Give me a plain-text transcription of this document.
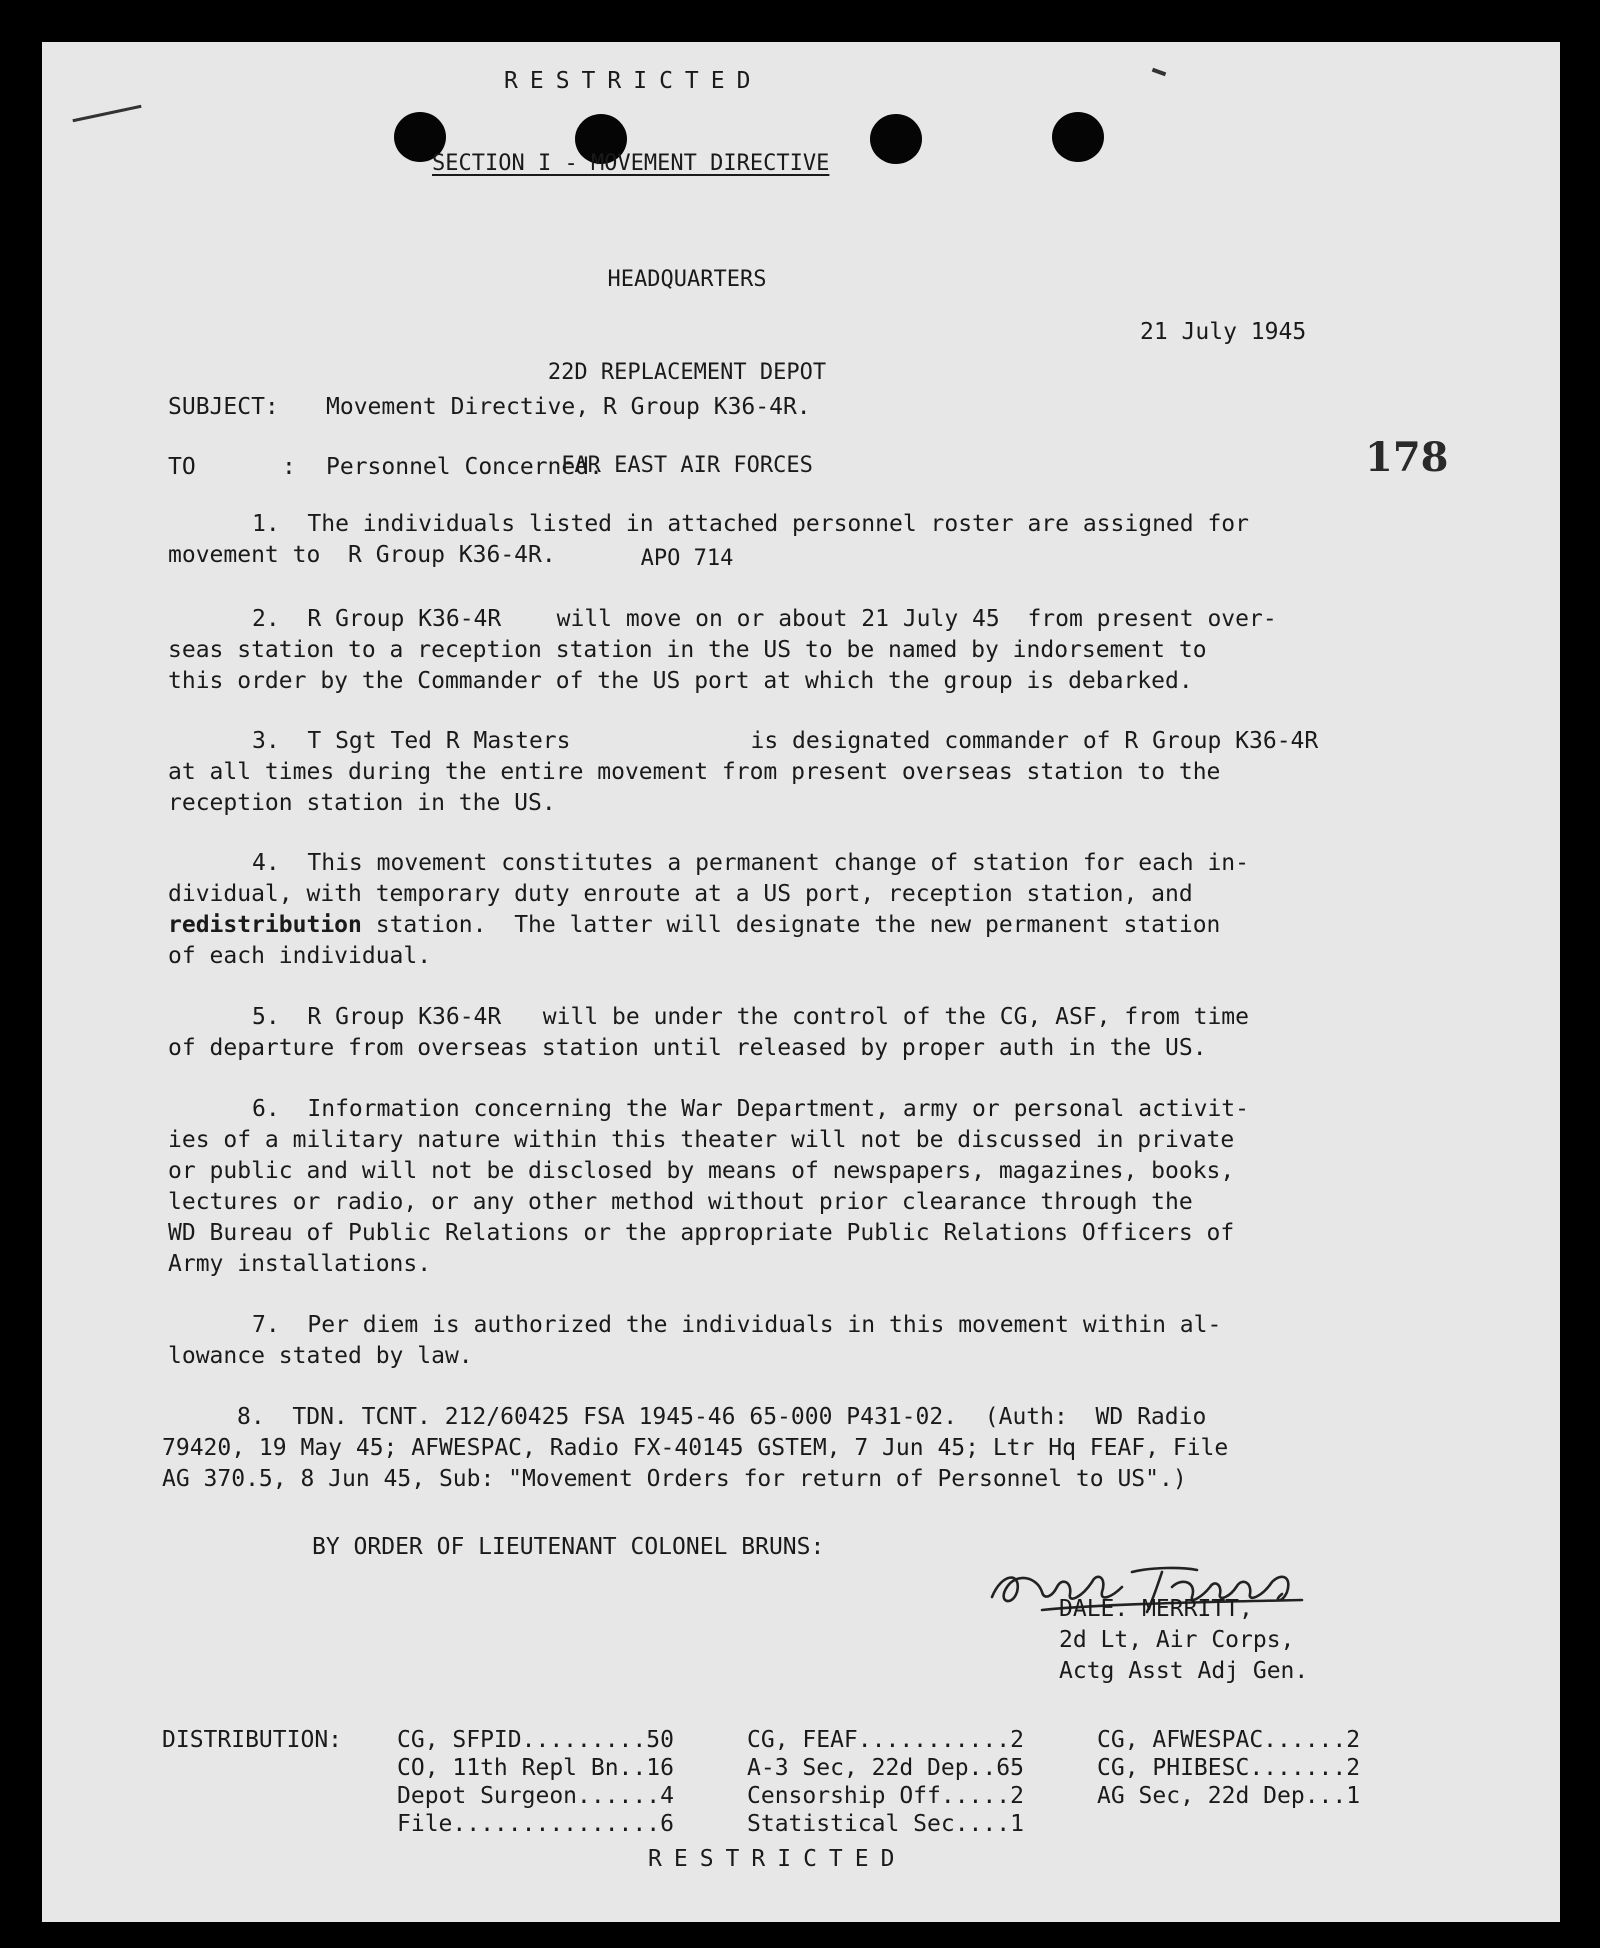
RESTRICTED
SECTION I - MOVEMENT DIRECTIVE

HEADQUARTERS

22D REPLACEMENT DEPOT

FAR EAST AIR FORCES

APO 714

21 July 1945
SUBJECT: Movement Directive, R Group K36-4R.
TO	: Personnel Concerned.	178
1.  The individuals listed in attached personnel roster are assigned for
movement to  R Group K36-4R.
2.  R Group K36-4R    will move on or about 21 July 45  from present over-
seas station to a reception station in the US to be named by indorsement to
this order by the Commander of the US port at which the group is debarked.
3.  T Sgt Ted R Masters             is designated commander of R Group K36-4R
at all times during the entire movement from present overseas station to the
reception station in the US.
4.  This movement constitutes a permanent change of station for each in-
dividual, with temporary duty enroute at a US port, reception station, and
redistribution station.  The latter will designate the new permanent station
of each individual.
5.  R Group K36-4R   will be under the control of the CG, ASF, from time
of departure from overseas station until released by proper auth in the US.
6.  Information concerning the War Department, army or personal activit-
ies of a military nature within this theater will not be discussed in private
or public and will not be disclosed by means of newspapers, magazines, books,
lectures or radio, or any other method without prior clearance through the
WD Bureau of Public Relations or the appropriate Public Relations Officers of
Army installations.
7.  Per diem is authorized the individuals in this movement within al-
lowance stated by law.
8.  TDN. TCNT. 212/60425 FSA 1945-46 65-000 P431-02.  (Auth:  WD Radio
79420, 19 May 45; AFWESPAC, Radio FX-40145 GSTEM, 7 Jun 45; Ltr Hq FEAF, File
AG 370.5, 8 Jun 45, Sub: "Movement Orders for return of Personnel to US".)
BY ORDER OF LIEUTENANT COLONEL BRUNS:
DALE. MERRITT,
2d Lt, Air Corps,
Actg Asst Adj Gen.
DISTRIBUTION: CG, SFPID.........50	CG, FEAF...........2	CG, AFWESPAC......2
CO, 11th Repl Bn..16	A-3 Sec, 22d Dep..65	CG, PHIBESC.......2
Depot Surgeon......4	Censorship Off.....2	AG Sec, 22d Dep...1
File...............6	Statistical Sec....1	
RESTRICTED
